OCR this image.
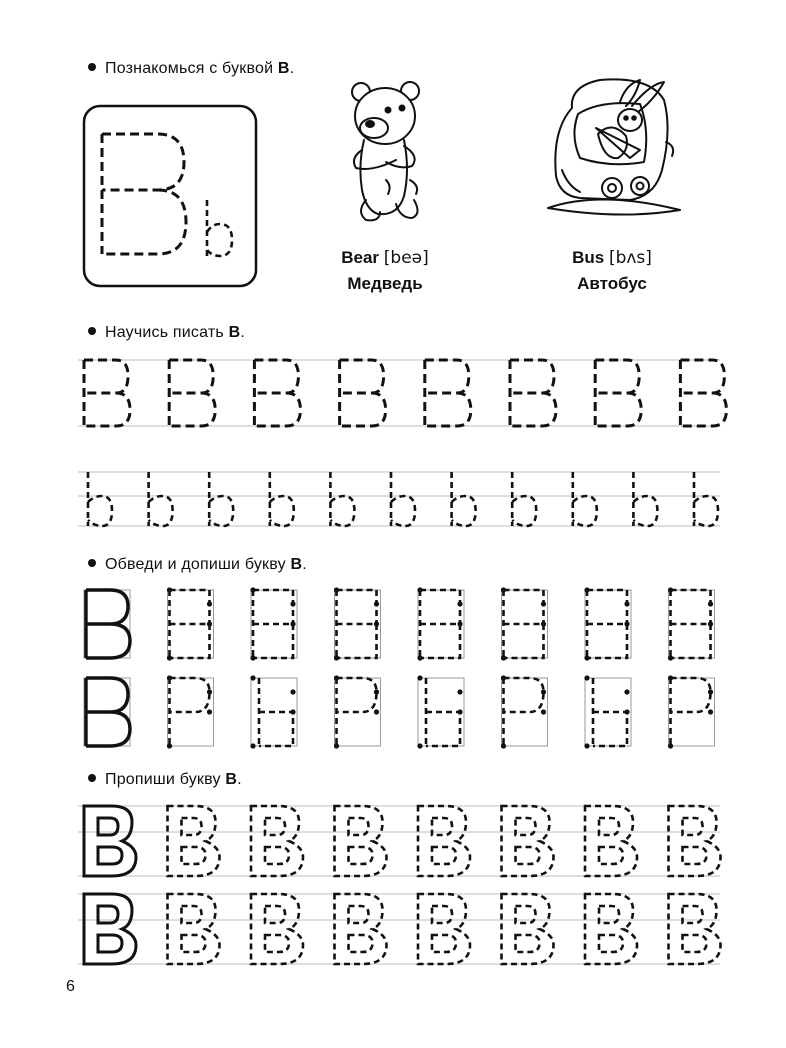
Познакомься с буквой B.
Научись писать B.
Обведи и допиши букву B.
Пропиши букву B.
Bear [beə]
Медведь
Bus [bʌs]
Автобус
6
